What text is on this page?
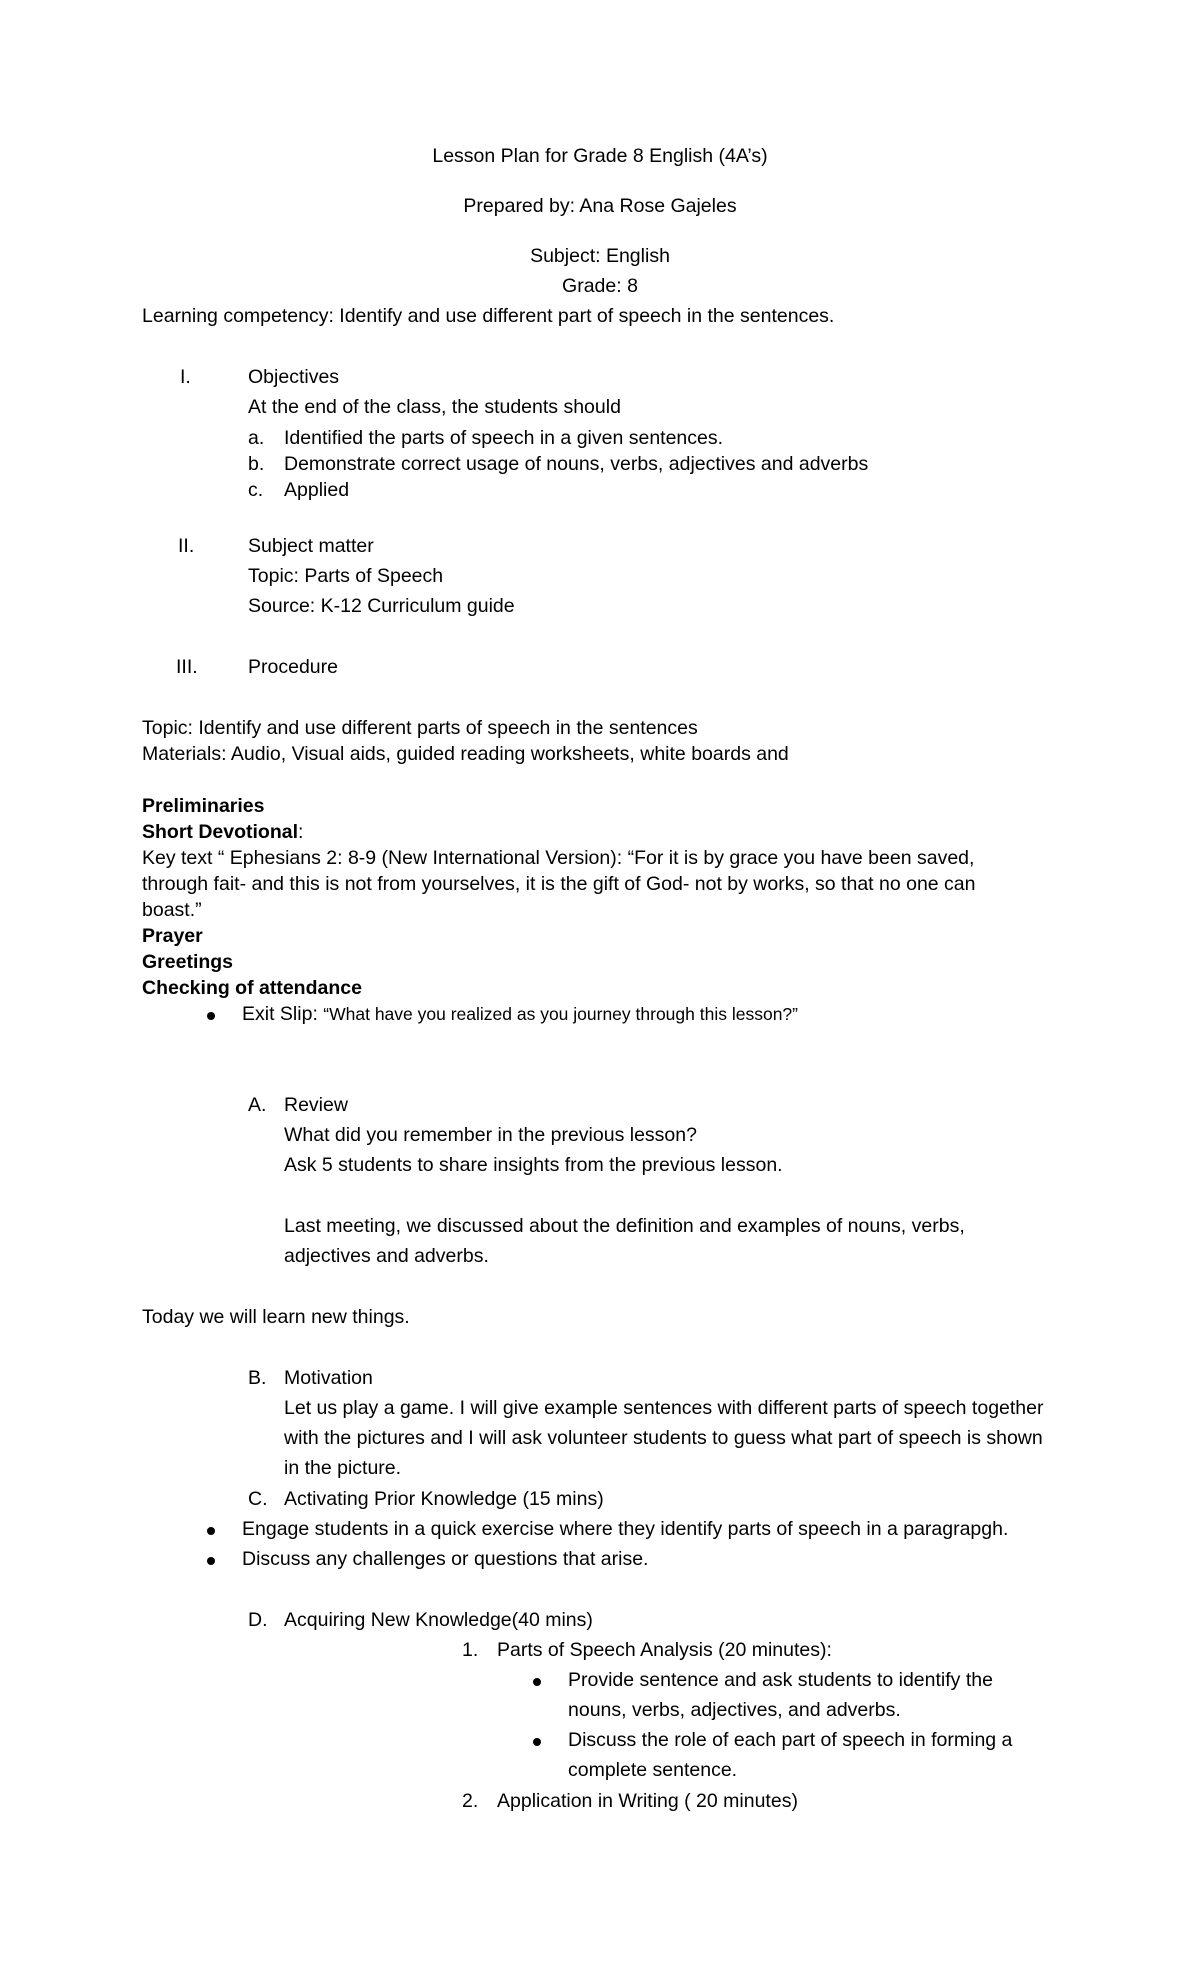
Lesson Plan for Grade 8 English (4A’s)
Prepared by: Ana Rose Gajeles
Subject: English
Grade: 8
Learning competency: Identify and use different part of speech in the sentences.
I.	Objectives
At the end of the class, the students should
a. Identified the parts of speech in a given sentences.
b. Demonstrate correct usage of nouns, verbs, adjectives and adverbs
c. Applied
II.	Subject matter
Topic: Parts of Speech
Source: K-12 Curriculum guide
III.	Procedure
Topic: Identify and use different parts of speech in the sentences
Materials: Audio, Visual aids, guided reading worksheets, white boards and
Preliminaries
Short Devotional:
Key text “ Ephesians 2: 8-9 (New International Version): “For it is by grace you have been saved,
through fait- and this is not from yourselves, it is the gift of God- not by works, so that no one can
boast.”
Prayer
Greetings
Checking of attendance
Exit Slip: “What have you realized as you journey through this lesson?”
A. Review
What did you remember in the previous lesson?
Ask 5 students to share insights from the previous lesson.
Last meeting, we discussed about the definition and examples of nouns, verbs,
adjectives and adverbs.
Today we will learn new things.
B. Motivation
Let us play a game. I will give example sentences with different parts of speech together
with the pictures and I will ask volunteer students to guess what part of speech is shown
in the picture.
C. Activating Prior Knowledge (15 mins)
Engage students in a quick exercise where they identify parts of speech in a paragrapgh.
Discuss any challenges or questions that arise.
D. Acquiring New Knowledge(40 mins)
1. Parts of Speech Analysis (20 minutes):
Provide sentence and ask students to identify the
nouns, verbs, adjectives, and adverbs.
Discuss the role of each part of speech in forming a
complete sentence.
2. Application in Writing ( 20 minutes)
